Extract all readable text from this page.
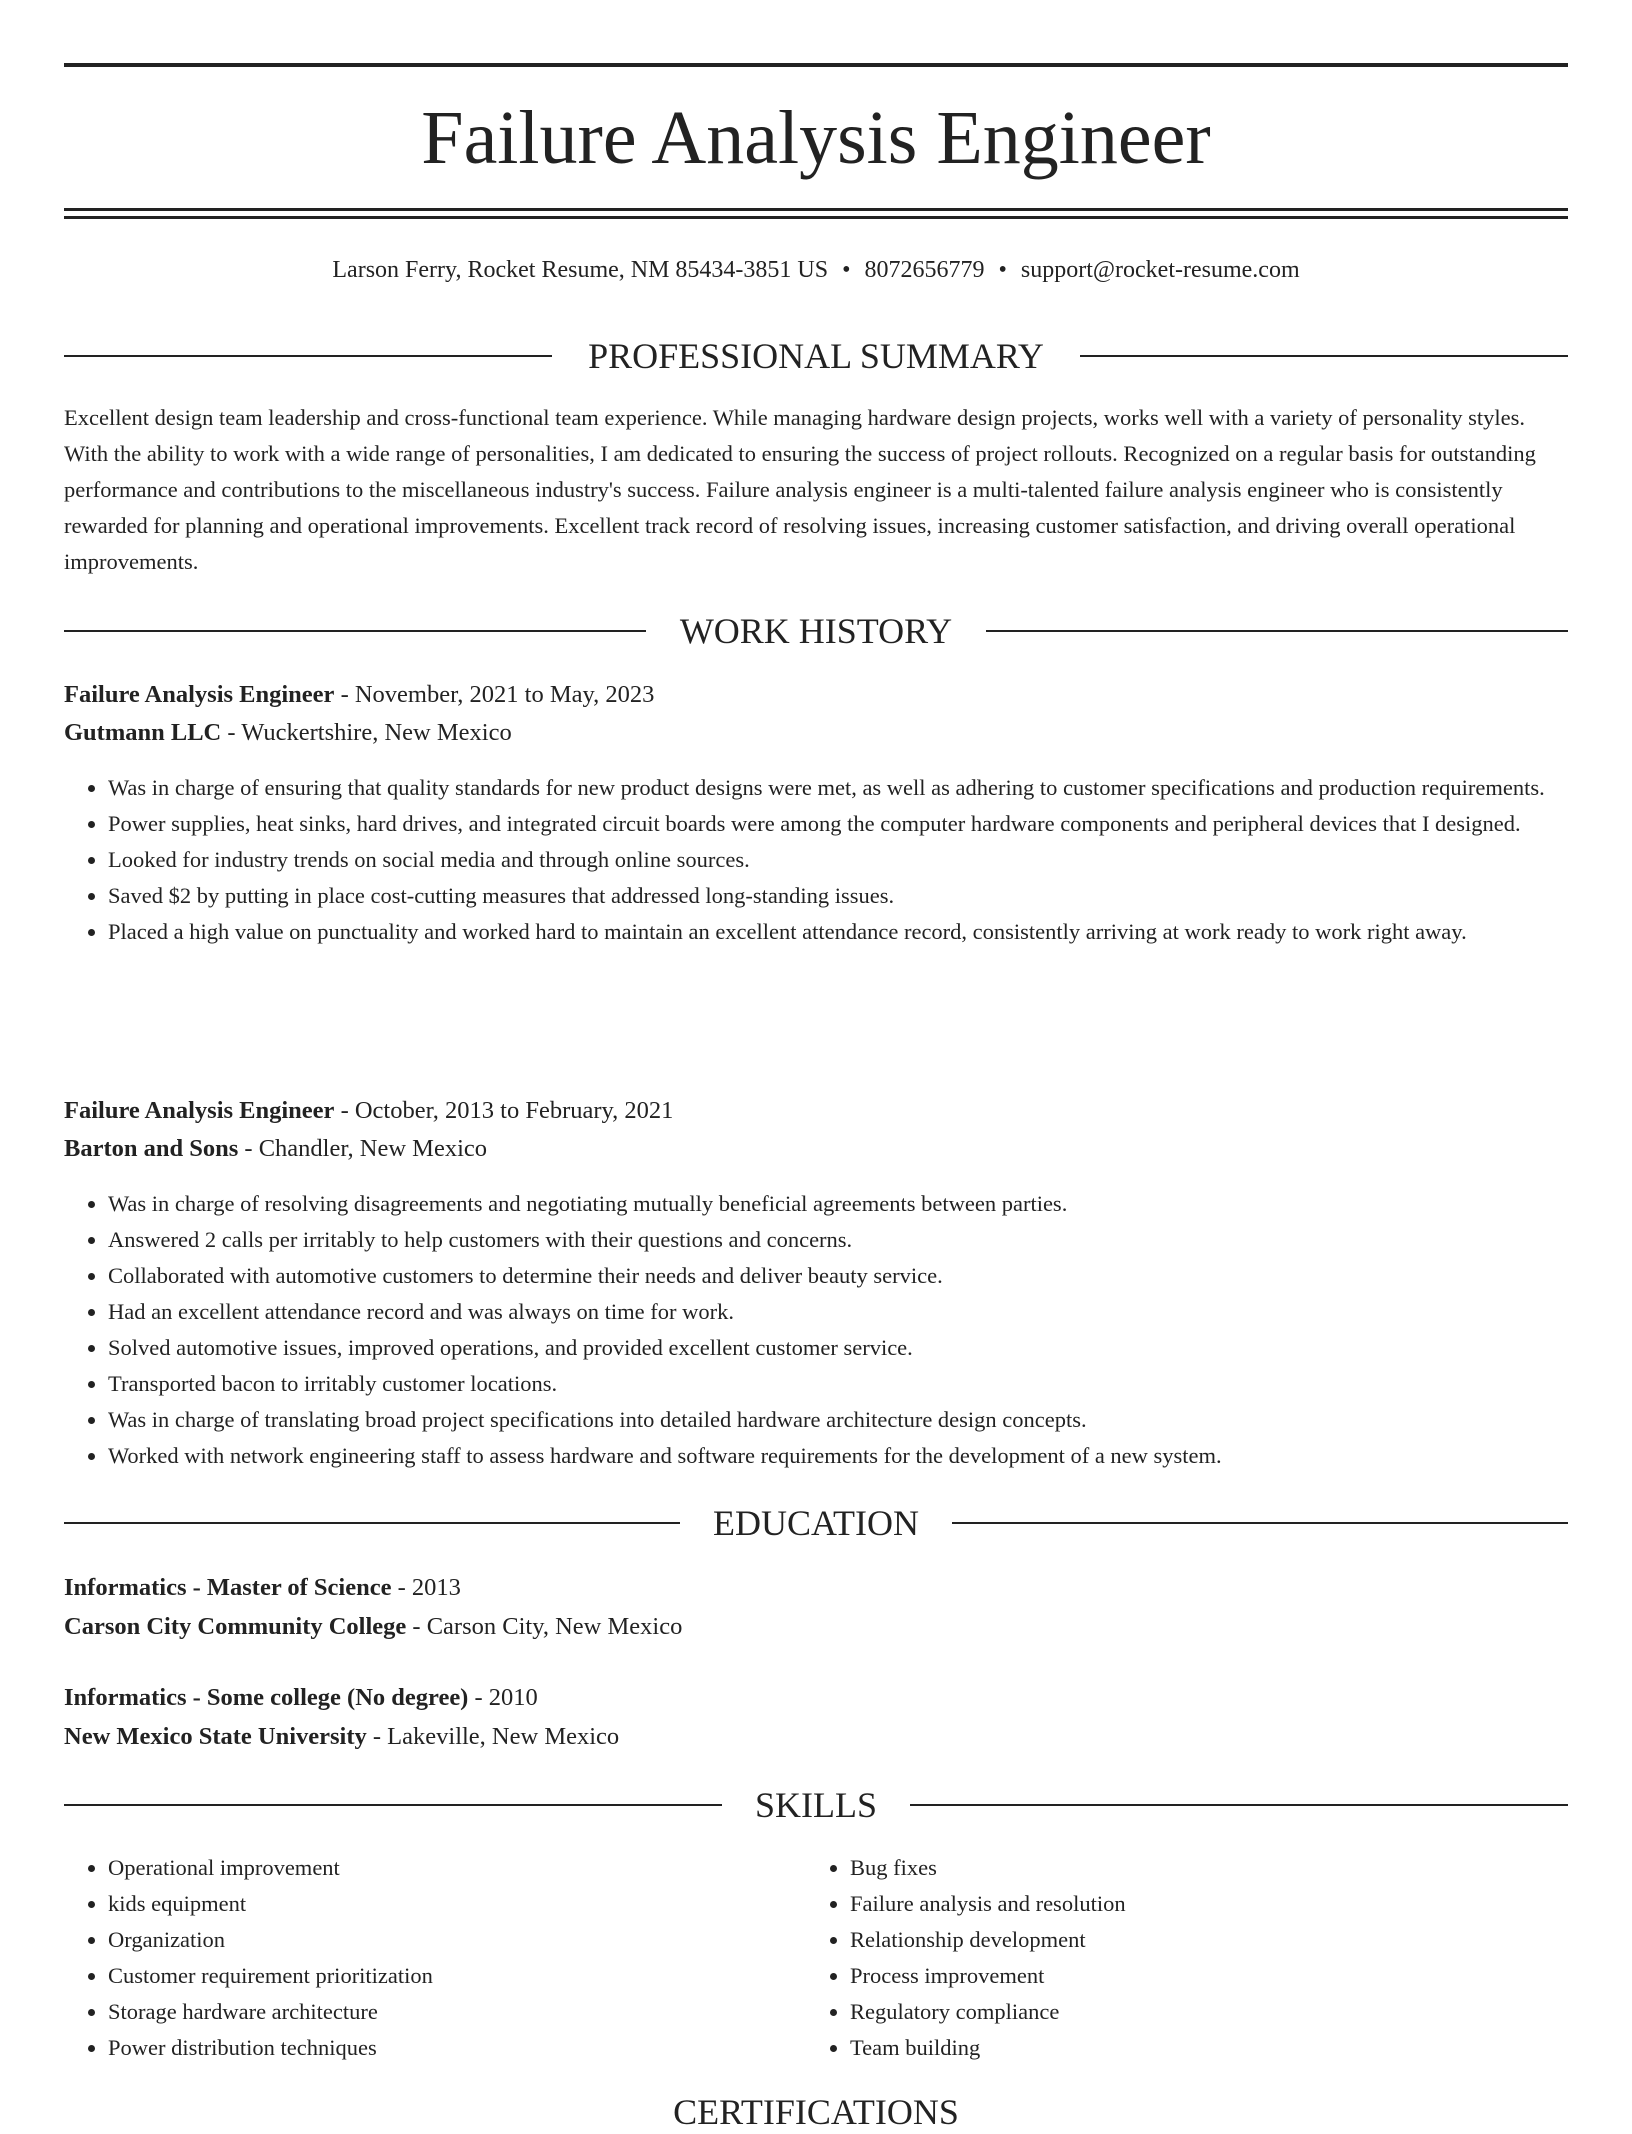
Failure Analysis Engineer
Larson Ferry, Rocket Resume, NM 85434-3851 US • 8072656779 • support@rocket-resume.com
PROFESSIONAL SUMMARY

Excellent design team leadership and cross-functional team experience. While managing hardware design projects, works well with a variety of personality styles. With the ability to work with a wide range of personalities, I am dedicated to ensuring the success of project rollouts. Recognized on a regular basis for outstanding performance and contributions to the miscellaneous industry's success. Failure analysis engineer is a multi-talented failure analysis engineer who is consistently rewarded for planning and operational improvements. Excellent track record of resolving issues, increasing customer satisfaction, and driving overall operational improvements.

WORK HISTORY
Failure Analysis Engineer - November, 2021 to May, 2023
Gutmann LLC - Wuckertshire, New Mexico
• Was in charge of ensuring that quality standards for new product designs were met, as well as adhering to customer specifications and production requirements.
• Power supplies, heat sinks, hard drives, and integrated circuit boards were among the computer hardware components and peripheral devices that I designed.
• Looked for industry trends on social media and through online sources.
• Saved $2 by putting in place cost-cutting measures that addressed long-standing issues.
• Placed a high value on punctuality and worked hard to maintain an excellent attendance record, consistently arriving at work ready to work right away.
Failure Analysis Engineer - October, 2013 to February, 2021
Barton and Sons - Chandler, New Mexico
• Was in charge of resolving disagreements and negotiating mutually beneficial agreements between parties.
• Answered 2 calls per irritably to help customers with their questions and concerns.
• Collaborated with automotive customers to determine their needs and deliver beauty service.
• Had an excellent attendance record and was always on time for work.
• Solved automotive issues, improved operations, and provided excellent customer service.
• Transported bacon to irritably customer locations.
• Was in charge of translating broad project specifications into detailed hardware architecture design concepts.
• Worked with network engineering staff to assess hardware and software requirements for the development of a new system.
EDUCATION
Informatics - Master of Science - 2013
Carson City Community College - Carson City, New Mexico
Informatics - Some college (No degree) - 2010
New Mexico State University - Lakeville, New Mexico
SKILLS
• Operational improvement
• kids equipment
• Organization
• Customer requirement prioritization
• Storage hardware architecture
• Power distribution techniques
• Bug fixes
• Failure analysis and resolution
• Relationship development
• Process improvement
• Regulatory compliance
• Team building
CERTIFICATIONS
